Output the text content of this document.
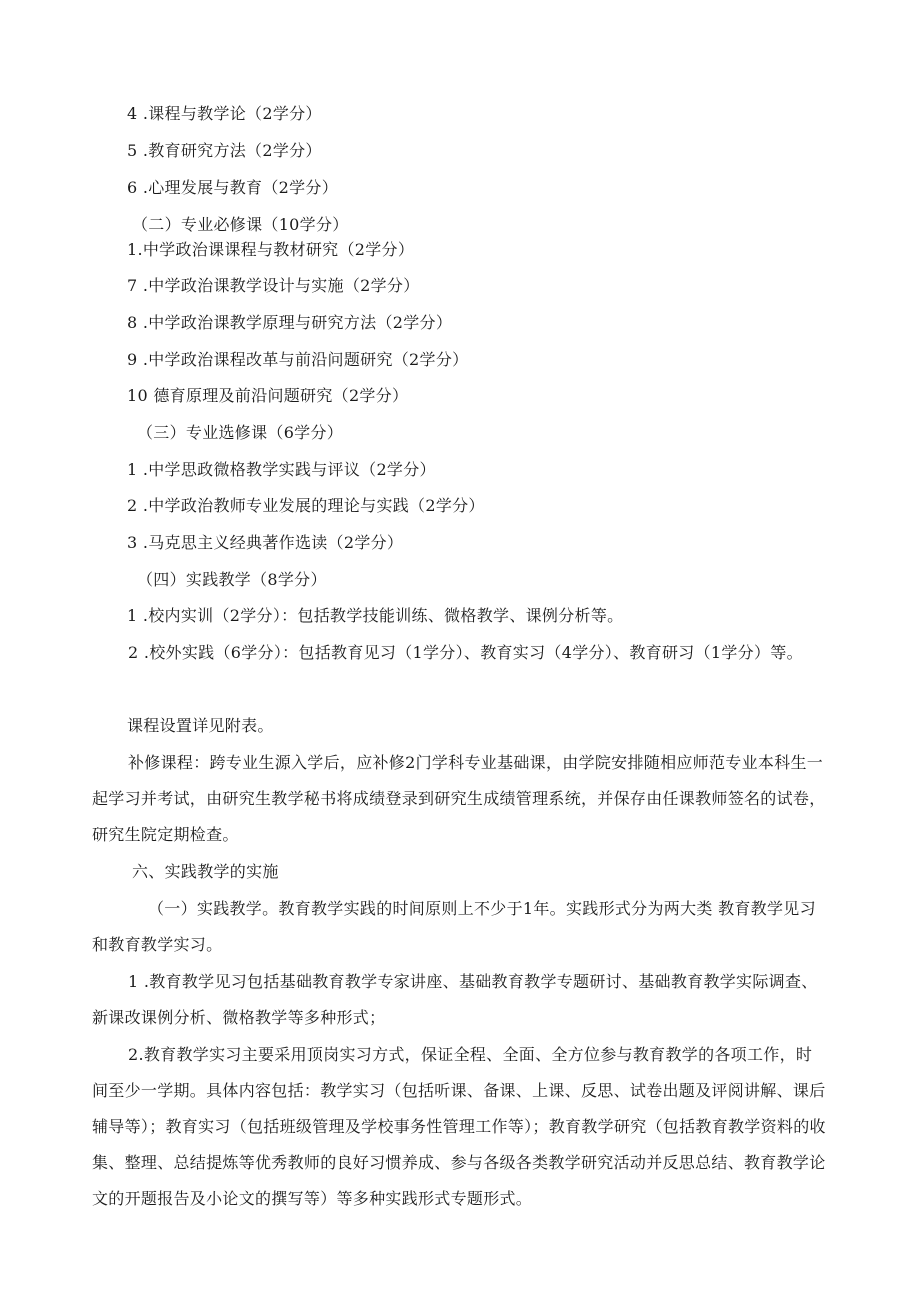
4 .课程与教学论（2学分）
5 .教育研究方法（2学分）
6 .心理发展与教育（2学分）
（二）专业必修课（10学分）
1.中学政治课课程与教材研究（2学分）
7 .中学政治课教学设计与实施（2学分）
8 .中学政治课教学原理与研究方法（2学分）
9 .中学政治课程改革与前沿问题研究（2学分）
10 德育原理及前沿问题研究（2学分）
（三）专业选修课（6学分）
1 .中学思政微格教学实践与评议（2学分）
2 .中学政治教师专业发展的理论与实践（2学分）
3 .马克思主义经典著作选读（2学分）
（四）实践教学（8学分）
1 .校内实训（2学分）：包括教学技能训练、微格教学、课例分析等。
2 .校外实践（6学分）：包括教育见习（1学分）、教育实习（4学分）、教育研习（1学分）等。
课程设置详见附表。
补修课程：跨专业生源入学后，应补修2门学科专业基础课，由学院安排随相应师范专业本科生一起学习并考试，由研究生教学秘书将成绩登录到研究生成绩管理系统，并保存由任课教师签名的试卷，研究生院定期检查。
六、实践教学的实施
（一）实践教学。教育教学实践的时间原则上不少于1年。实践形式分为两大类 教育教学见习和教育教学实习。
1 .教育教学见习包括基础教育教学专家讲座、基础教育教学专题研讨、基础教育教学实际调查、新课改课例分析、微格教学等多种形式；
2.教育教学实习主要采用顶岗实习方式，保证全程、全面、全方位参与教育教学的各项工作，时间至少一学期。具体内容包括：教学实习（包括听课、备课、上课、反思、试卷出题及评阅讲解、课后辅导等）；教育实习（包括班级管理及学校事务性管理工作等）；教育教学研究（包括教育教学资料的收集、整理、总结提炼等优秀教师的良好习惯养成、参与各级各类教学研究活动并反思总结、教育教学论文的开题报告及小论文的撰写等）等多种实践形式专题形式。
